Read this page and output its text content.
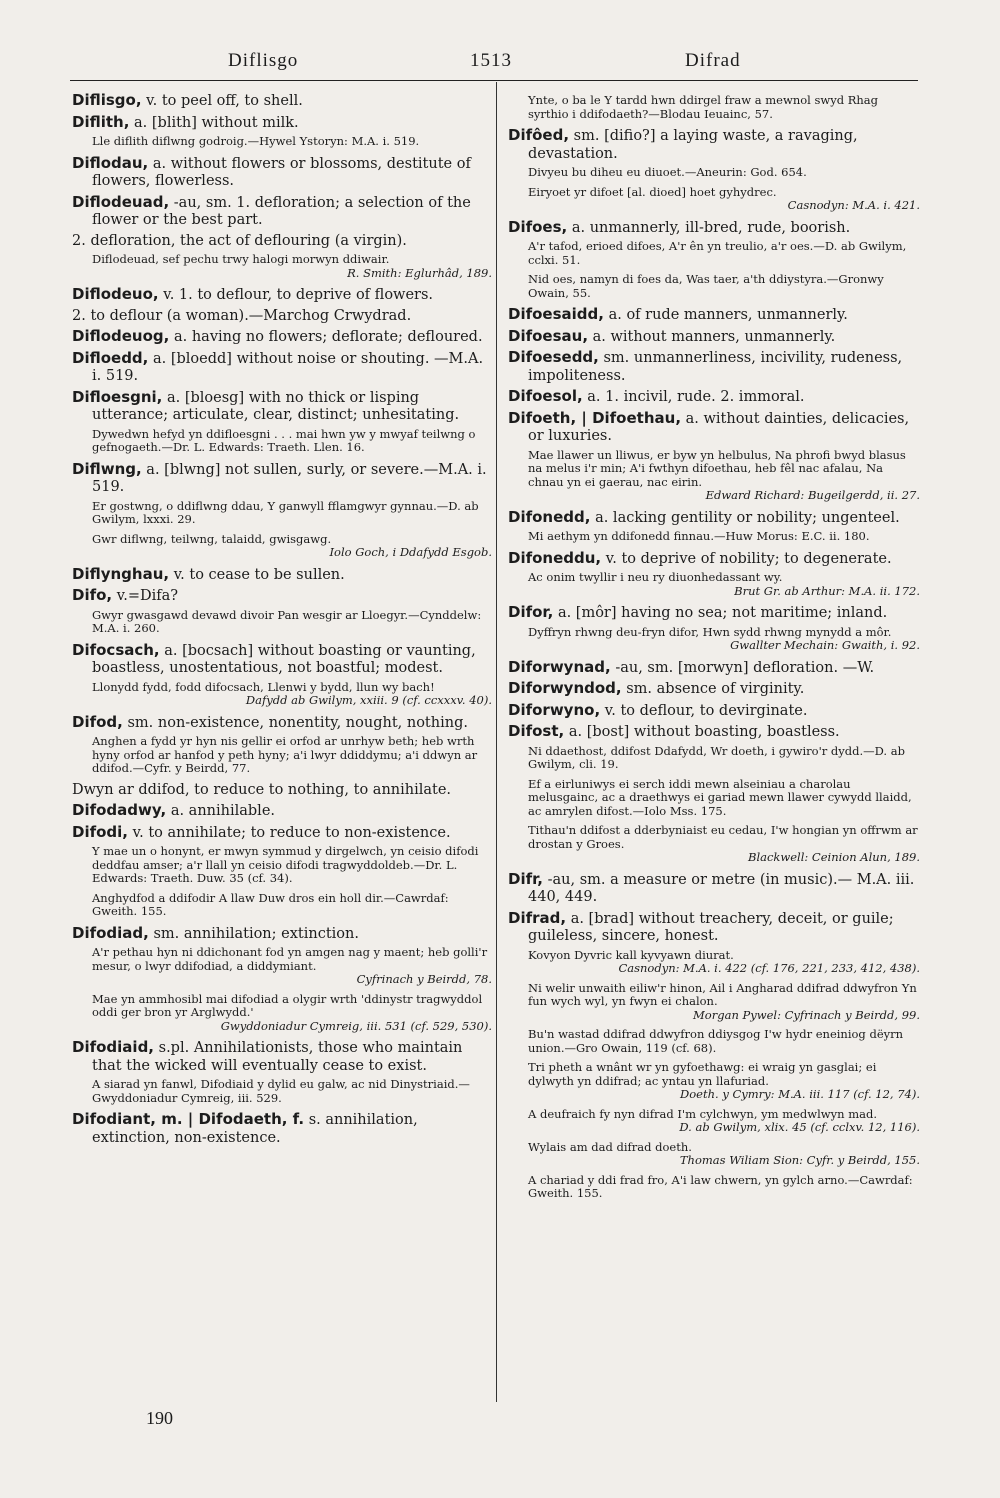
Diflisgo	1513	Difrad
Diflisgo, v. to peel off, to shell.
Diflith, a. [blith] without milk.
Lle diflith diflwng godroig.—Hywel Ystoryn: M.A. i. 519.
Diflodau, a. without flowers or blossoms, destitute of flowers, flowerless.
Diflodeuad, -au, sm. 1. defloration; a selection of the flower or the best part.
2. defloration, the act of deflouring (a virgin).
Diflodeuad, sef pechu trwy halogi morwyn ddiwair.
R. Smith: Eglurhâd, 189.
Diflodeuo, v. 1. to deflour, to deprive of flowers.
2. to deflour (a woman).—Marchog Crwydrad.
Diflodeuog, a. having no flowers; deflorate; defloured.
Difloedd, a. [bloedd] without noise or shouting. —M.A. i. 519.
Difloesgni, a. [bloesg] with no thick or lisping utterance; articulate, clear, distinct; unhesitating.
Dywedwn hefyd yn ddifloesgni . . . mai hwn yw y mwyaf teilwng o gefnogaeth.—Dr. L. Edwards: Traeth. Llen. 16.
Diflwng, a. [blwng] not sullen, surly, or severe.—M.A. i. 519.
Er gostwng, o ddiflwng ddau, Y ganwyll fflamgwyr gynnau.—D. ab Gwilym, lxxxi. 29.
Gwr diflwng, teilwng, talaidd, gwisgawg.
Iolo Goch, i Ddafydd Esgob.
Diflynghau, v. to cease to be sullen.
Difo, v.=Difa?
Gwyr gwasgawd devawd divoir Pan wesgir ar Lloegyr.—Cynddelw: M.A. i. 260.
Difocsach, a. [bocsach] without boasting or vaunting, boastless, unostentatious, not boastful; modest.
Llonydd fydd, fodd difocsach, Llenwi y bydd, llun wy bach!
Dafydd ab Gwilym, xxiii. 9 (cf. ccxxxv. 40).
Difod, sm. non-existence, nonentity, nought, nothing.
Anghen a fydd yr hyn nis gellir ei orfod ar unrhyw beth; heb wrth hyny orfod ar hanfod y peth hyny; a'i lwyr ddiddymu; a'i ddwyn ar ddifod.—Cyfr. y Beirdd, 77.
Dwyn ar ddifod, to reduce to nothing, to annihilate.
Difodadwy, a. annihilable.
Difodi, v. to annihilate; to reduce to non-existence.
Y mae un o honynt, er mwyn symmud y dirgelwch, yn ceisio difodi deddfau amser; a'r llall yn ceisio difodi tragwyddoldeb.—Dr. L. Edwards: Traeth. Duw. 35 (cf. 34).
Anghydfod a ddifodir A llaw Duw dros ein holl dir.—Cawrdaf: Gweith. 155.
Difodiad, sm. annihilation; extinction.
A'r pethau hyn ni ddichonant fod yn amgen nag y maent; heb golli'r mesur, o lwyr ddifodiad, a diddymiant.
Cyfrinach y Beirdd, 78.
Mae yn ammhosibl mai difodiad a olygir wrth 'ddinystr tragwyddol oddi ger bron yr Arglwydd.'
Gwyddoniadur Cymreig, iii. 531 (cf. 529, 530).
Difodiaid, s.pl. Annihilationists, those who maintain that the wicked will eventually cease to exist.
A siarad yn fanwl, Difodiaid y dylid eu galw, ac nid Dinystriaid.—Gwyddoniadur Cymreig, iii. 529.
Difodiant, m. | Difodaeth, f. s. annihilation, extinction, non-existence.
Ynte, o ba le Y tardd hwn ddirgel fraw a mewnol swyd Rhag syrthio i ddifodaeth?—Blodau Ieuainc, 57.
Difôed, sm. [difio?] a laying waste, a ravaging, devastation.
Divyeu bu diheu eu diuoet.—Aneurin: God. 654.
Eiryoet yr difoet [al. dioed] hoet gyhydrec.
Casnodyn: M.A. i. 421.
Difoes, a. unmannerly, ill-bred, rude, boorish.
A'r tafod, erioed difoes, A'r ên yn treulio, a'r oes.—D. ab Gwilym, cclxi. 51.
Nid oes, namyn di foes da, Was taer, a'th ddiystyra.—Gronwy Owain, 55.
Difoesaidd, a. of rude manners, unmannerly.
Difoesau, a. without manners, unmannerly.
Difoesedd, sm. unmannerliness, incivility, rudeness, impoliteness.
Difoesol, a. 1. incivil, rude. 2. immoral.
Difoeth, | Difoethau, a. without dainties, delicacies, or luxuries.
Mae llawer un lliwus, er byw yn helbulus, Na phrofi bwyd blasus na melus i'r min; A'i fwthyn difoethau, heb fêl nac afalau, Na chnau yn ei gaerau, nac eirin.
Edward Richard: Bugeilgerdd, ii. 27.
Difonedd, a. lacking gentility or nobility; ungenteel.
Mi aethym yn ddifonedd finnau.—Huw Morus: E.C. ii. 180.
Difoneddu, v. to deprive of nobility; to degenerate.
Ac onim twyllir i neu ry diuonhedassant wy.
Brut Gr. ab Arthur: M.A. ii. 172.
Difor, a. [môr] having no sea; not maritime; inland.
Dyffryn rhwng deu-fryn difor, Hwn sydd rhwng mynydd a môr.
Gwallter Mechain: Gwaith, i. 92.
Diforwynad, -au, sm. [morwyn] defloration. —W.
Diforwyndod, sm. absence of virginity.
Diforwyno, v. to deflour, to devirginate.
Difost, a. [bost] without boasting, boastless.
Ni ddaethost, ddifost Ddafydd, Wr doeth, i gywiro'r dydd.—D. ab Gwilym, cli. 19.
Ef a eirluniwys ei serch iddi mewn alseiniau a charolau melusgainc, ac a draethwys ei gariad mewn llawer cywydd llaidd, ac amrylen difost.—Iolo Mss. 175.
Tithau'n ddifost a dderbyniaist eu cedau, I'w hongian yn offrwm ar drostan y Groes.
Blackwell: Ceinion Alun, 189.
Difr, -au, sm. a measure or metre (in music).— M.A. iii. 440, 449.
Difrad, a. [brad] without treachery, deceit, or guile; guileless, sincere, honest.
Kovyon Dyvric kall kyvyawn diurat.
Casnodyn: M.A. i. 422 (cf. 176, 221, 233, 412, 438).
Ni welir unwaith eiliw'r hinon, Ail i Angharad ddifrad ddwyfron Yn fun wych wyl, yn fwyn ei chalon.
Morgan Pywel: Cyfrinach y Beirdd, 99.
Bu'n wastad ddifrad ddwyfron ddiysgog I'w hydr eneiniog dëyrn union.—Gro Owain, 119 (cf. 68).
Tri pheth a wnânt wr yn gyfoethawg: ei wraig yn gasglai; ei dylwyth yn ddifrad; ac yntau yn llafuriad.
Doeth. y Cymry: M.A. iii. 117 (cf. 12, 74).
A deufraich fy nyn difrad I'm cylchwyn, ym medwlwyn mad.
D. ab Gwilym, xlix. 45 (cf. cclxv. 12, 116).
Wylais am dad difrad doeth.
Thomas Wiliam Sion: Cyfr. y Beirdd, 155.
A chariad y ddi frad fro, A'i law chwern, yn gylch arno.—Cawrdaf: Gweith. 155.
190
